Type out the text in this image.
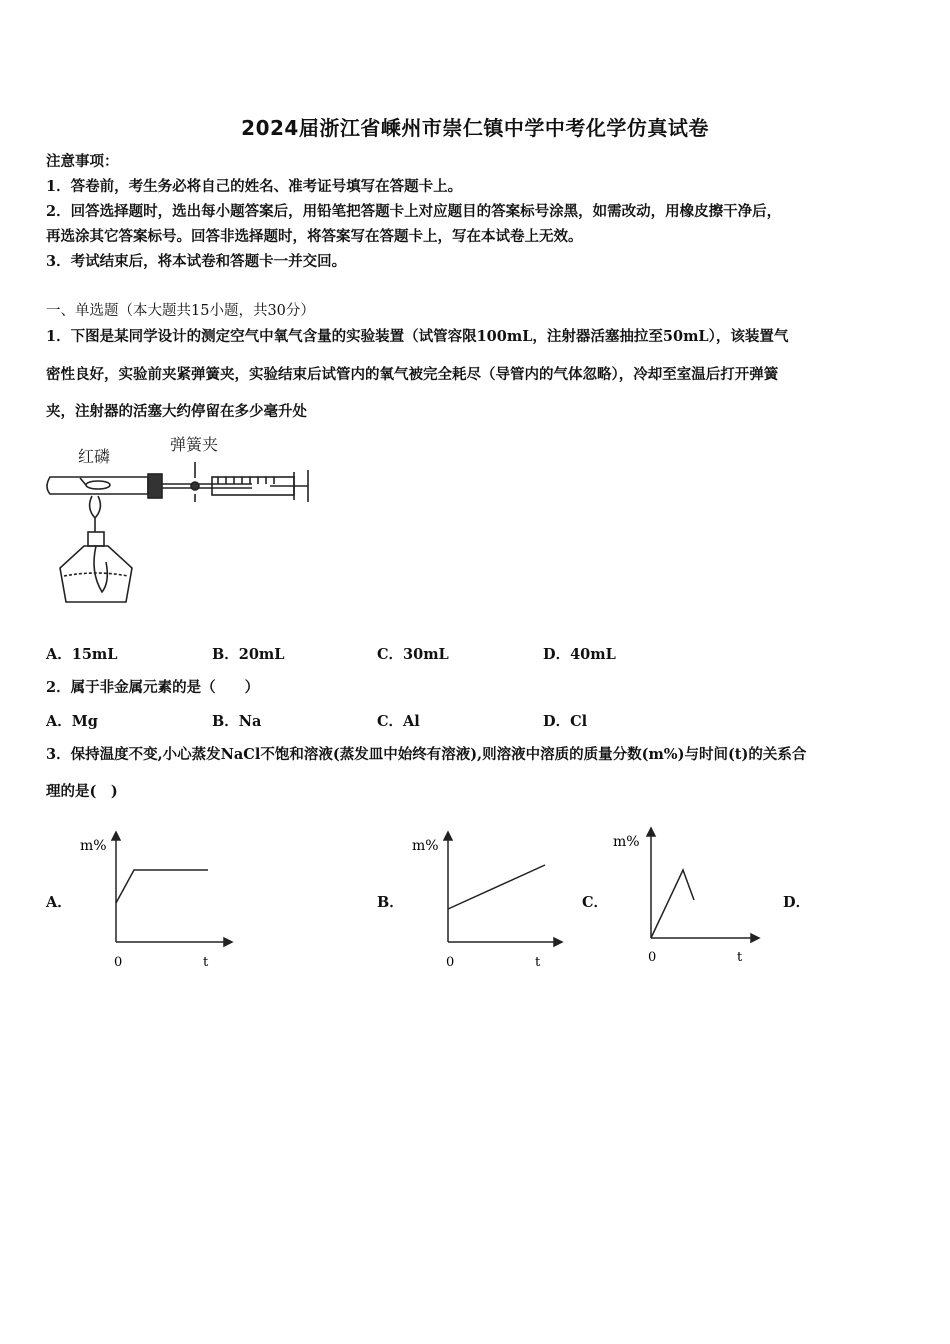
2024届浙江省嵊州市崇仁镇中学中考化学仿真试卷
注意事项：
1．答卷前，考生务必将自己的姓名、准考证号填写在答题卡上。
2．回答选择题时，选出每小题答案后，用铅笔把答题卡上对应题目的答案标号涂黑，如需改动，用橡皮擦干净后，
再选涂其它答案标号。回答非选择题时，将答案写在答题卡上，写在本试卷上无效。
3．考试结束后，将本试卷和答题卡一并交回。
一、单选题（本大题共15小题，共30分）
1．下图是某同学设计的测定空气中氧气含量的实验装置（试管容限100mL，注射器活塞抽拉至50mL），该装置气
密性良好，实验前夹紧弹簧夹，实验结束后试管内的氧气被完全耗尽（导管内的气体忽略），冷却至室温后打开弹簧
夹，注射器的活塞大约停留在多少毫升处
红磷
弹簧夹
A．15mL	B．20mL	C．30mL	D．40mL
2．属于非金属元素的是（　　）
A．Mg	B．Na	C．Al	D．Cl
3．保持温度不变,小心蒸发NaCl不饱和溶液(蒸发皿中始终有溶液),则溶液中溶质的质量分数(m%)与时间(t)的关系合
理的是(　)
A．	B．	C．	D．
m%
0	t
m%
0	t
m%
0	t
